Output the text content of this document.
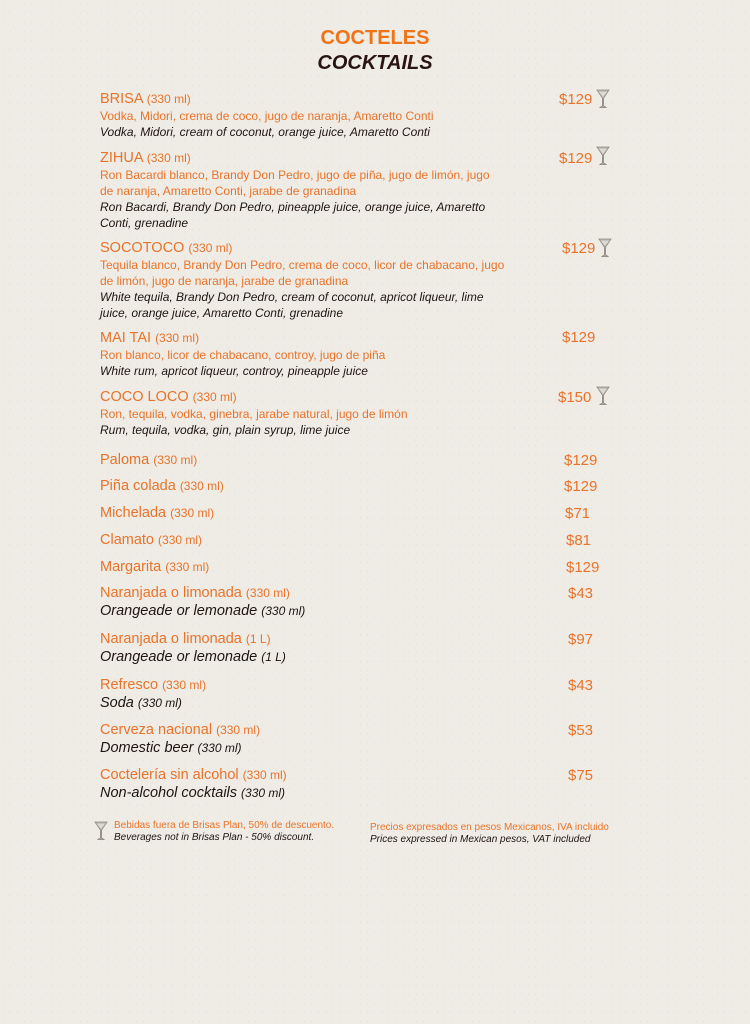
COCTELES
COCKTAILS
BRISA (330 ml)
Vodka, Midori, crema de coco, jugo de naranja, Amaretto Conti
Vodka, Midori, cream of coconut, orange juice, Amaretto Conti
$129
ZIHUA (330 ml)
Ron Bacardi blanco, Brandy Don Pedro, jugo de piña, jugo de limón, jugo de naranja, Amaretto Conti, jarabe de granadina
Ron Bacardi, Brandy Don Pedro, pineapple juice, orange juice, Amaretto Conti, grenadine
$129
SOCOTOCO (330 ml)
Tequila blanco, Brandy Don Pedro, crema de coco, licor de chabacano, jugo de limón, jugo de naranja, jarabe de granadina
White tequila, Brandy Don Pedro, cream of coconut, apricot liqueur, lime juice, orange juice, Amaretto Conti, grenadine
$129
MAI TAI (330 ml)
Ron blanco, licor de chabacano, controy, jugo de piña
White rum, apricot liqueur, controy, pineapple juice
$129
COCO LOCO (330 ml)
Ron, tequila, vodka, ginebra, jarabe natural, jugo de limón
Rum, tequila, vodka, gin, plain syrup, lime juice
$150
Paloma (330 ml)	$129
Piña colada (330 ml)	$129
Michelada (330 ml)	$71
Clamato (330 ml)	$81
Margarita (330 ml)	$129
Naranjada o limonada (330 ml)
Orangeade or lemonade (330 ml)
$43
Naranjada o limonada (1 L)
Orangeade or lemonade (1 L)
$97
Refresco (330 ml)
Soda (330 ml)
$43
Cerveza nacional (330 ml)
Domestic beer (330 ml)
$53
Coctelería sin alcohol (330 ml)
Non-alcohol cocktails (330 ml)
$75
Bebidas fuera de Brisas Plan, 50% de descuento.
Beverages not in Brisas Plan - 50% discount.
Precios expresados en pesos Mexicanos, IVA incluido
Prices expressed in Mexican pesos, VAT included
